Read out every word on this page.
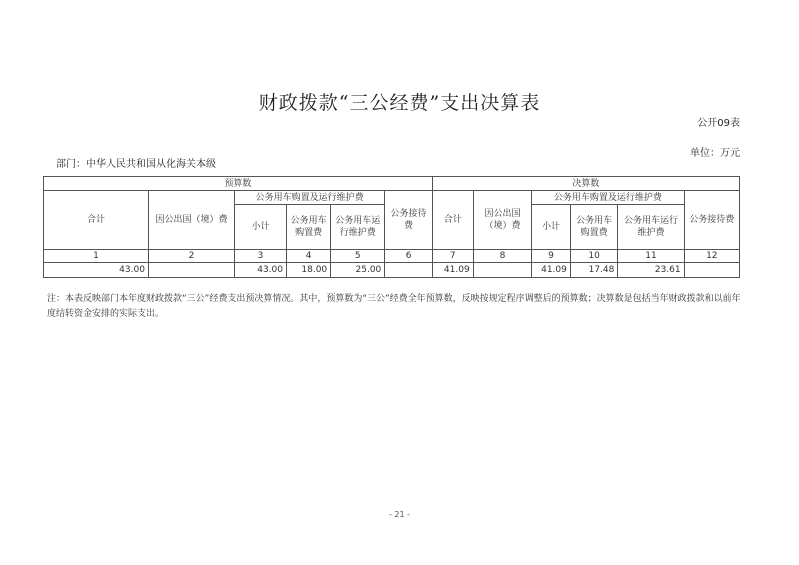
财政拨款“三公经费”支出决算表
公开09表
单位：万元
部门：中华人民共和国从化海关本级
预算数						决算数					
合计	因公出国（境）费	公务用车购置及运行维护费			公务接待费	合计	因公出国（境）费	公务用车购置及运行维护费			公务接待费
		小计	公务用车购置费	公务用车运行维护费				小计	公务用车购置费	公务用车运行维护费	
1	2	3	4	5	6	7	8	9	10	11	12
43.00		43.00	18.00	25.00		41.09		41.09	17.48	23.61	
注：本表反映部门本年度财政拨款“三公”经费支出预决算情况。其中，预算数为“三公”经费全年预算数，反映按规定程序调整后的预算数；决算数是包括当年财政拨款和以前年度结转资金安排的实际支出。
- 21 -
